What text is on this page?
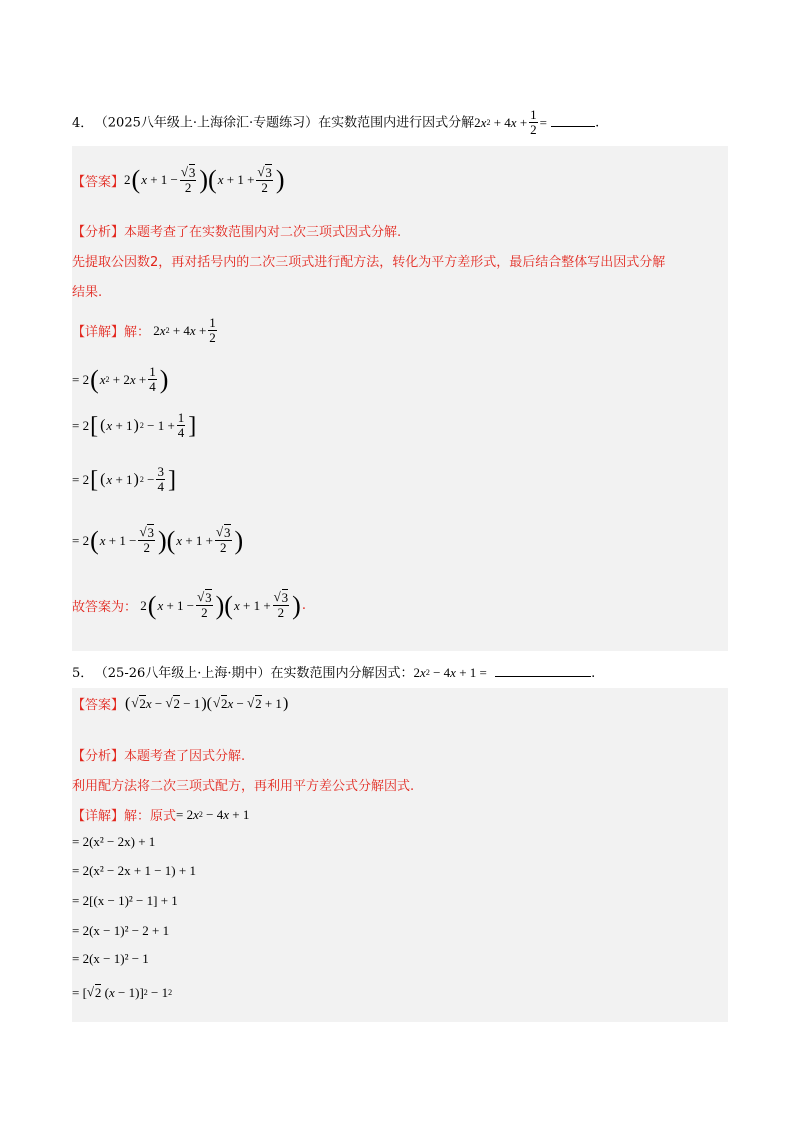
4． （2025八年级上·上海徐汇·专题练习）在实数范围内进行因式分解2 x 2 + 4 $x + \frac{1}{2}$ =	.
【答案】 2 ( x + 1 − √ $\frac{3}{2}$ )( x + 1 + √ $\frac{3}{2}$ )
【分析】本题考查了在实数范围内对二次三项式因式分解.
先提取公因数2，再对括号内的二次三项式进行配方法，转化为平方差形式，最后结合整体写出因式分解
结果.
【详解】 解： 2 x 2 + 4 $x + \frac{1}{2}$
= 2 ( x 2 + 2 $x + \frac{1}{4}$ )
= 2 [ ( x + 1 ) $2 - 1 + \frac{1}{4}$ ]
= 2 [ ( x + 1 ) $2 - \frac{3}{4}$ ]
= 2 ( x + 1 − √ $\frac{3}{2}$ )( x + 1 + √ $\frac{3}{2}$ )
故答案为： 2 ( x + 1 − √ $\frac{3}{2}$ )( x + 1 + √ $\frac{3}{2}$ ) .
5． （25-26八年级上·上海·期中）在实数范围内分解因式：2 x 2 − 4 x + 1 =	.
【答案】 ( √ 2 x − √ 2 − 1 )( √ 2 x − √ 2 + 1 )
【分析】本题考查了因式分解.
利用配方法将二次三项式配方，再利用平方差公式分解因式.
【详解】 解：原式 = 2 x 2 − 4 x + 1
= 2(x² − 2x) + 1
= 2(x² − 2x + 1 − 1) + 1
= 2[(x − 1)² − 1] + 1
= 2(x − 1)² − 2 + 1
= 2(x − 1)² − 1
= [ √ 2 ( x − 1)] 2 − 1 2
